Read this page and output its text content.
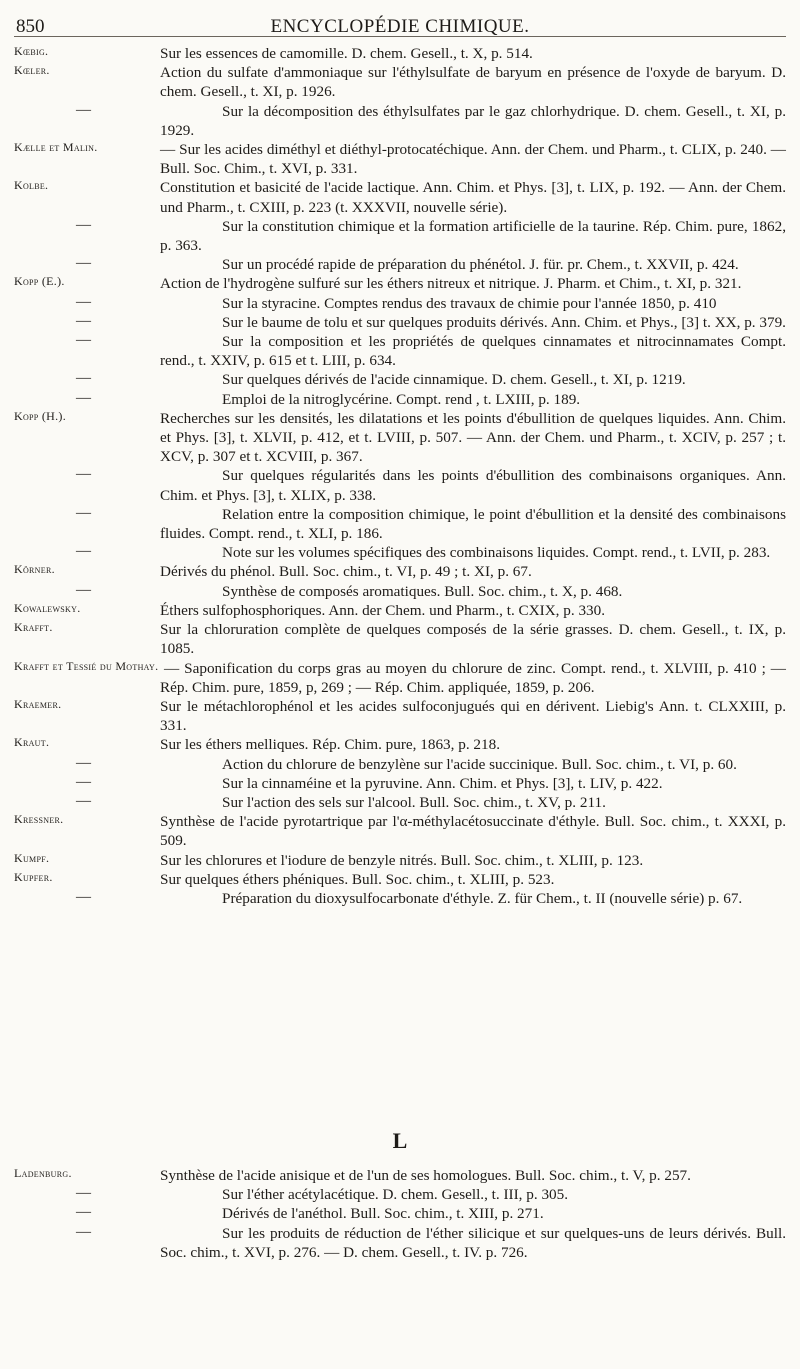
850	ENCYCLOPÉDIE CHIMIQUE.
Kœbig.	Sur les essences de camomille. D. chem. Gesell., t. X, p. 514.
Kœler.	Action du sulfate d'ammoniaque sur l'éthylsulfate de baryum en présence de l'oxyde de baryum. D. chem. Gesell., t. XI, p. 1926.
—	Sur la décomposition des éthylsulfates par le gaz chlorhydrique. D. chem. Gesell., t. XI, p. 1929.
Kælle et Malin.	— Sur les acides diméthyl et diéthyl-protocatéchique. Ann. der Chem. und Pharm., t. CLIX, p. 240. — Bull. Soc. Chim., t. XVI, p. 331.
Kolbe.	Constitution et basicité de l'acide lactique. Ann. Chim. et Phys. [3], t. LIX, p. 192. — Ann. der Chem. und Pharm., t. CXIII, p. 223 (t. XXXVII, nouvelle série).
—	Sur la constitution chimique et la formation artificielle de la taurine. Rép. Chim. pure, 1862, p. 363.
—	Sur un procédé rapide de préparation du phénétol. J. für. pr. Chem., t. XXVII, p. 424.
Kopp (E.).	Action de l'hydrogène sulfuré sur les éthers nitreux et nitrique. J. Pharm. et Chim., t. XI, p. 321.
—	Sur la styracine. Comptes rendus des travaux de chimie pour l'année 1850, p. 410
—	Sur le baume de tolu et sur quelques produits dérivés. Ann. Chim. et Phys., [3] t. XX, p. 379.
—	Sur la composition et les propriétés de quelques cinnamates et nitrocinnamates Compt. rend., t. XXIV, p. 615 et t. LIII, p. 634.
—	Sur quelques dérivés de l'acide cinnamique. D. chem. Gesell., t. XI, p. 1219.
—	Emploi de la nitroglycérine. Compt. rend , t. LXIII, p. 189.
Kopp (H.).	Recherches sur les densités, les dilatations et les points d'ébullition de quelques liquides. Ann. Chim. et Phys. [3], t. XLVII, p. 412, et t. LVIII, p. 507. — Ann. der Chem. und Pharm., t. XCIV, p. 257 ; t. XCV, p. 307 et t. XCVIII, p. 367.
—	Sur quelques régularités dans les points d'ébullition des combinaisons organiques. Ann. Chim. et Phys. [3], t. XLIX, p. 338.
—	Relation entre la composition chimique, le point d'ébullition et la densité des combinaisons fluides. Compt. rend., t. XLI, p. 186.
—	Note sur les volumes spécifiques des combinaisons liquides. Compt. rend., t. LVII, p. 283.
Körner.	Dérivés du phénol. Bull. Soc. chim., t. VI, p. 49 ; t. XI, p. 67.
—	Synthèse de composés aromatiques. Bull. Soc. chim., t. X, p. 468.
Kowalewsky.	Éthers sulfophosphoriques. Ann. der Chem. und Pharm., t. CXIX, p. 330.
Krafft.	Sur la chloruration complète de quelques composés de la série grasses. D. chem. Gesell., t. IX, p. 1085.
Krafft et Tessié du Mothay. — Saponification du corps gras au moyen du chlorure de zinc. Compt. rend., t. XLVIII, p. 410 ; — Rép. Chim. pure, 1859, p, 269 ; — Rép. Chim. appliquée, 1859, p. 206.
Kraemer.	Sur le métachlorophénol et les acides sulfoconjugués qui en dérivent. Liebig's Ann. t. CLXXIII, p. 331.
Kraut.	Sur les éthers melliques. Rép. Chim. pure, 1863, p. 218.
—	Action du chlorure de benzylène sur l'acide succinique. Bull. Soc. chim., t. VI, p. 60.
—	Sur la cinnaméine et la pyruvine. Ann. Chim. et Phys. [3], t. LIV, p. 422.
—	Sur l'action des sels sur l'alcool. Bull. Soc. chim., t. XV, p. 211.
Kressner.	Synthèse de l'acide pyrotartrique par l'α-méthylacétosuccinate d'éthyle. Bull. Soc. chim., t. XXXI, p. 509.
Kumpf.	Sur les chlorures et l'iodure de benzyle nitrés. Bull. Soc. chim., t. XLIII, p. 123.
Kupfer.	Sur quelques éthers phéniques. Bull. Soc. chim., t. XLIII, p. 523.
—	Préparation du dioxysulfocarbonate d'éthyle. Z. für Chem., t. II (nouvelle série) p. 67.
L
Ladenburg.	Synthèse de l'acide anisique et de l'un de ses homologues. Bull. Soc. chim., t. V, p. 257.
—	Sur l'éther acétylacétique. D. chem. Gesell., t. III, p. 305.
—	Dérivés de l'anéthol. Bull. Soc. chim., t. XIII, p. 271.
—	Sur les produits de réduction de l'éther silicique et sur quelques-uns de leurs dérivés. Bull. Soc. chim., t. XVI, p. 276. — D. chem. Gesell., t. IV. p. 726.
